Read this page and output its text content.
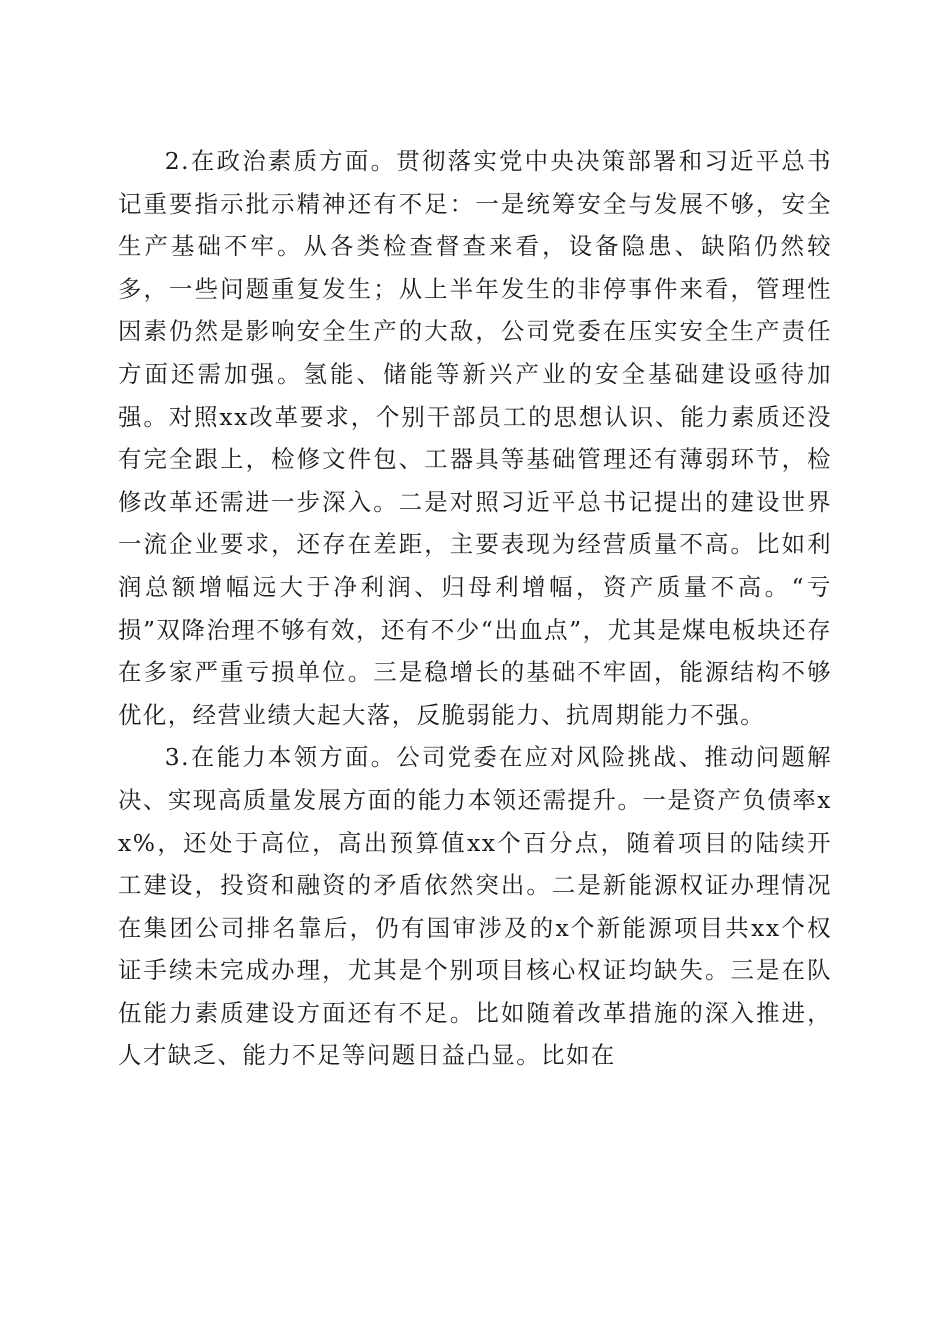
2.在政治素质方面。贯彻落实党中央决策部署和习近平总书记重要指示批示精神还有不足：一是统筹安全与发展不够，安全生产基础不牢。从各类检查督查来看，设备隐患、缺陷仍然较多，一些问题重复发生；从上半年发生的非停事件来看，管理性因素仍然是影响安全生产的大敌，公司党委在压实安全生产责任方面还需加强。氢能、储能等新兴产业的安全基础建设亟待加强。对照xx改革要求，个别干部员工的思想认识、能力素质还没有完全跟上，检修文件包、工器具等基础管理还有薄弱环节，检修改革还需进一步深入。二是对照习近平总书记提出的建设世界一流企业要求，还存在差距，主要表现为经营质量不高。比如利润总额增幅远大于净利润、归母利增幅，资产质量不高。“亏损”双降治理不够有效，还有不少“出血点”，尤其是煤电板块还存在多家严重亏损单位。三是稳增长的基础不牢固，能源结构不够优化，经营业绩大起大落，反脆弱能力、抗周期能力不强。

3.在能力本领方面。公司党委在应对风险挑战、推动问题解决、实现高质量发展方面的能力本领还需提升。一是资产负债率xx%，还处于高位，高出预算值xx个百分点，随着项目的陆续开工建设，投资和融资的矛盾依然突出。二是新能源权证办理情况在集团公司排名靠后，仍有国审涉及的x个新能源项目共xx个权证手续未完成办理，尤其是个别项目核心权证均缺失。三是在队伍能力素质建设方面还有不足。比如随着改革措施的深入推进，人才缺乏、能力不足等问题日益凸显。比如在
